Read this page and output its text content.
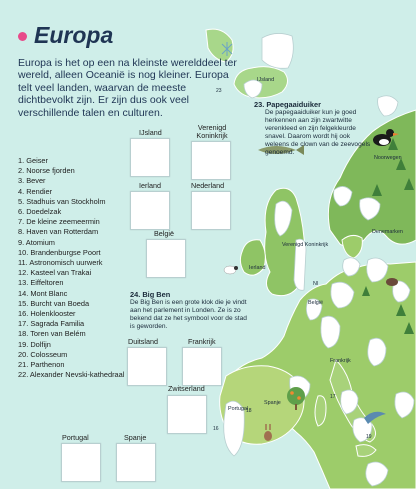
IJsland
Noorwegen
Denemarken
Verenigd Koninkrijk
Ierland
Nl
België
Frankrijk
Portugal
Spanje
23
16
17
18
19
Europa
Europa is het op een na kleinste werelddeel ter wereld, alleen Oceanië is nog kleiner. Europa telt veel landen, waarvan de meeste dichtbevolkt zijn. Er zijn dus ook veel verschillende talen en culturen.
1. Geiser
2. Noorse fjorden
3. Bever
4. Rendier
5. Stadhuis van Stockholm
6. Doedelzak
7. De kleine zeemeermin
8. Haven van Rotterdam
9. Atomium
10. Brandenburgse Poort
11. Astronomisch uurwerk
12. Kasteel van Trakai
13. Eiffeltoren
14. Mont Blanc
15. Burcht van Boeda
16. Holenklooster
17. Sagrada Familia
18. Toren van Belém
19. Dolfijn
20. Colosseum
21. Parthenon
22. Alexander Nevski-kathedraal
23. Papegaaiduiker
De papegaaiduiker kun je goed herkennen aan zijn zwartwitte verenkleed en zijn felgekleurde snavel. Daarom wordt hij ook weleens de clown van de zeevogels genoemd.
24. Big Ben
De Big Ben is een grote klok die je vindt aan het parlement in Londen. Ze is zo bekend dat ze het symbool voor de stad is geworden.
IJsland
Verenigd Koninkrijk
Ierland	Nederland
België
Duitsland	Frankrijk
Zwitserland
Portugal	Spanje
